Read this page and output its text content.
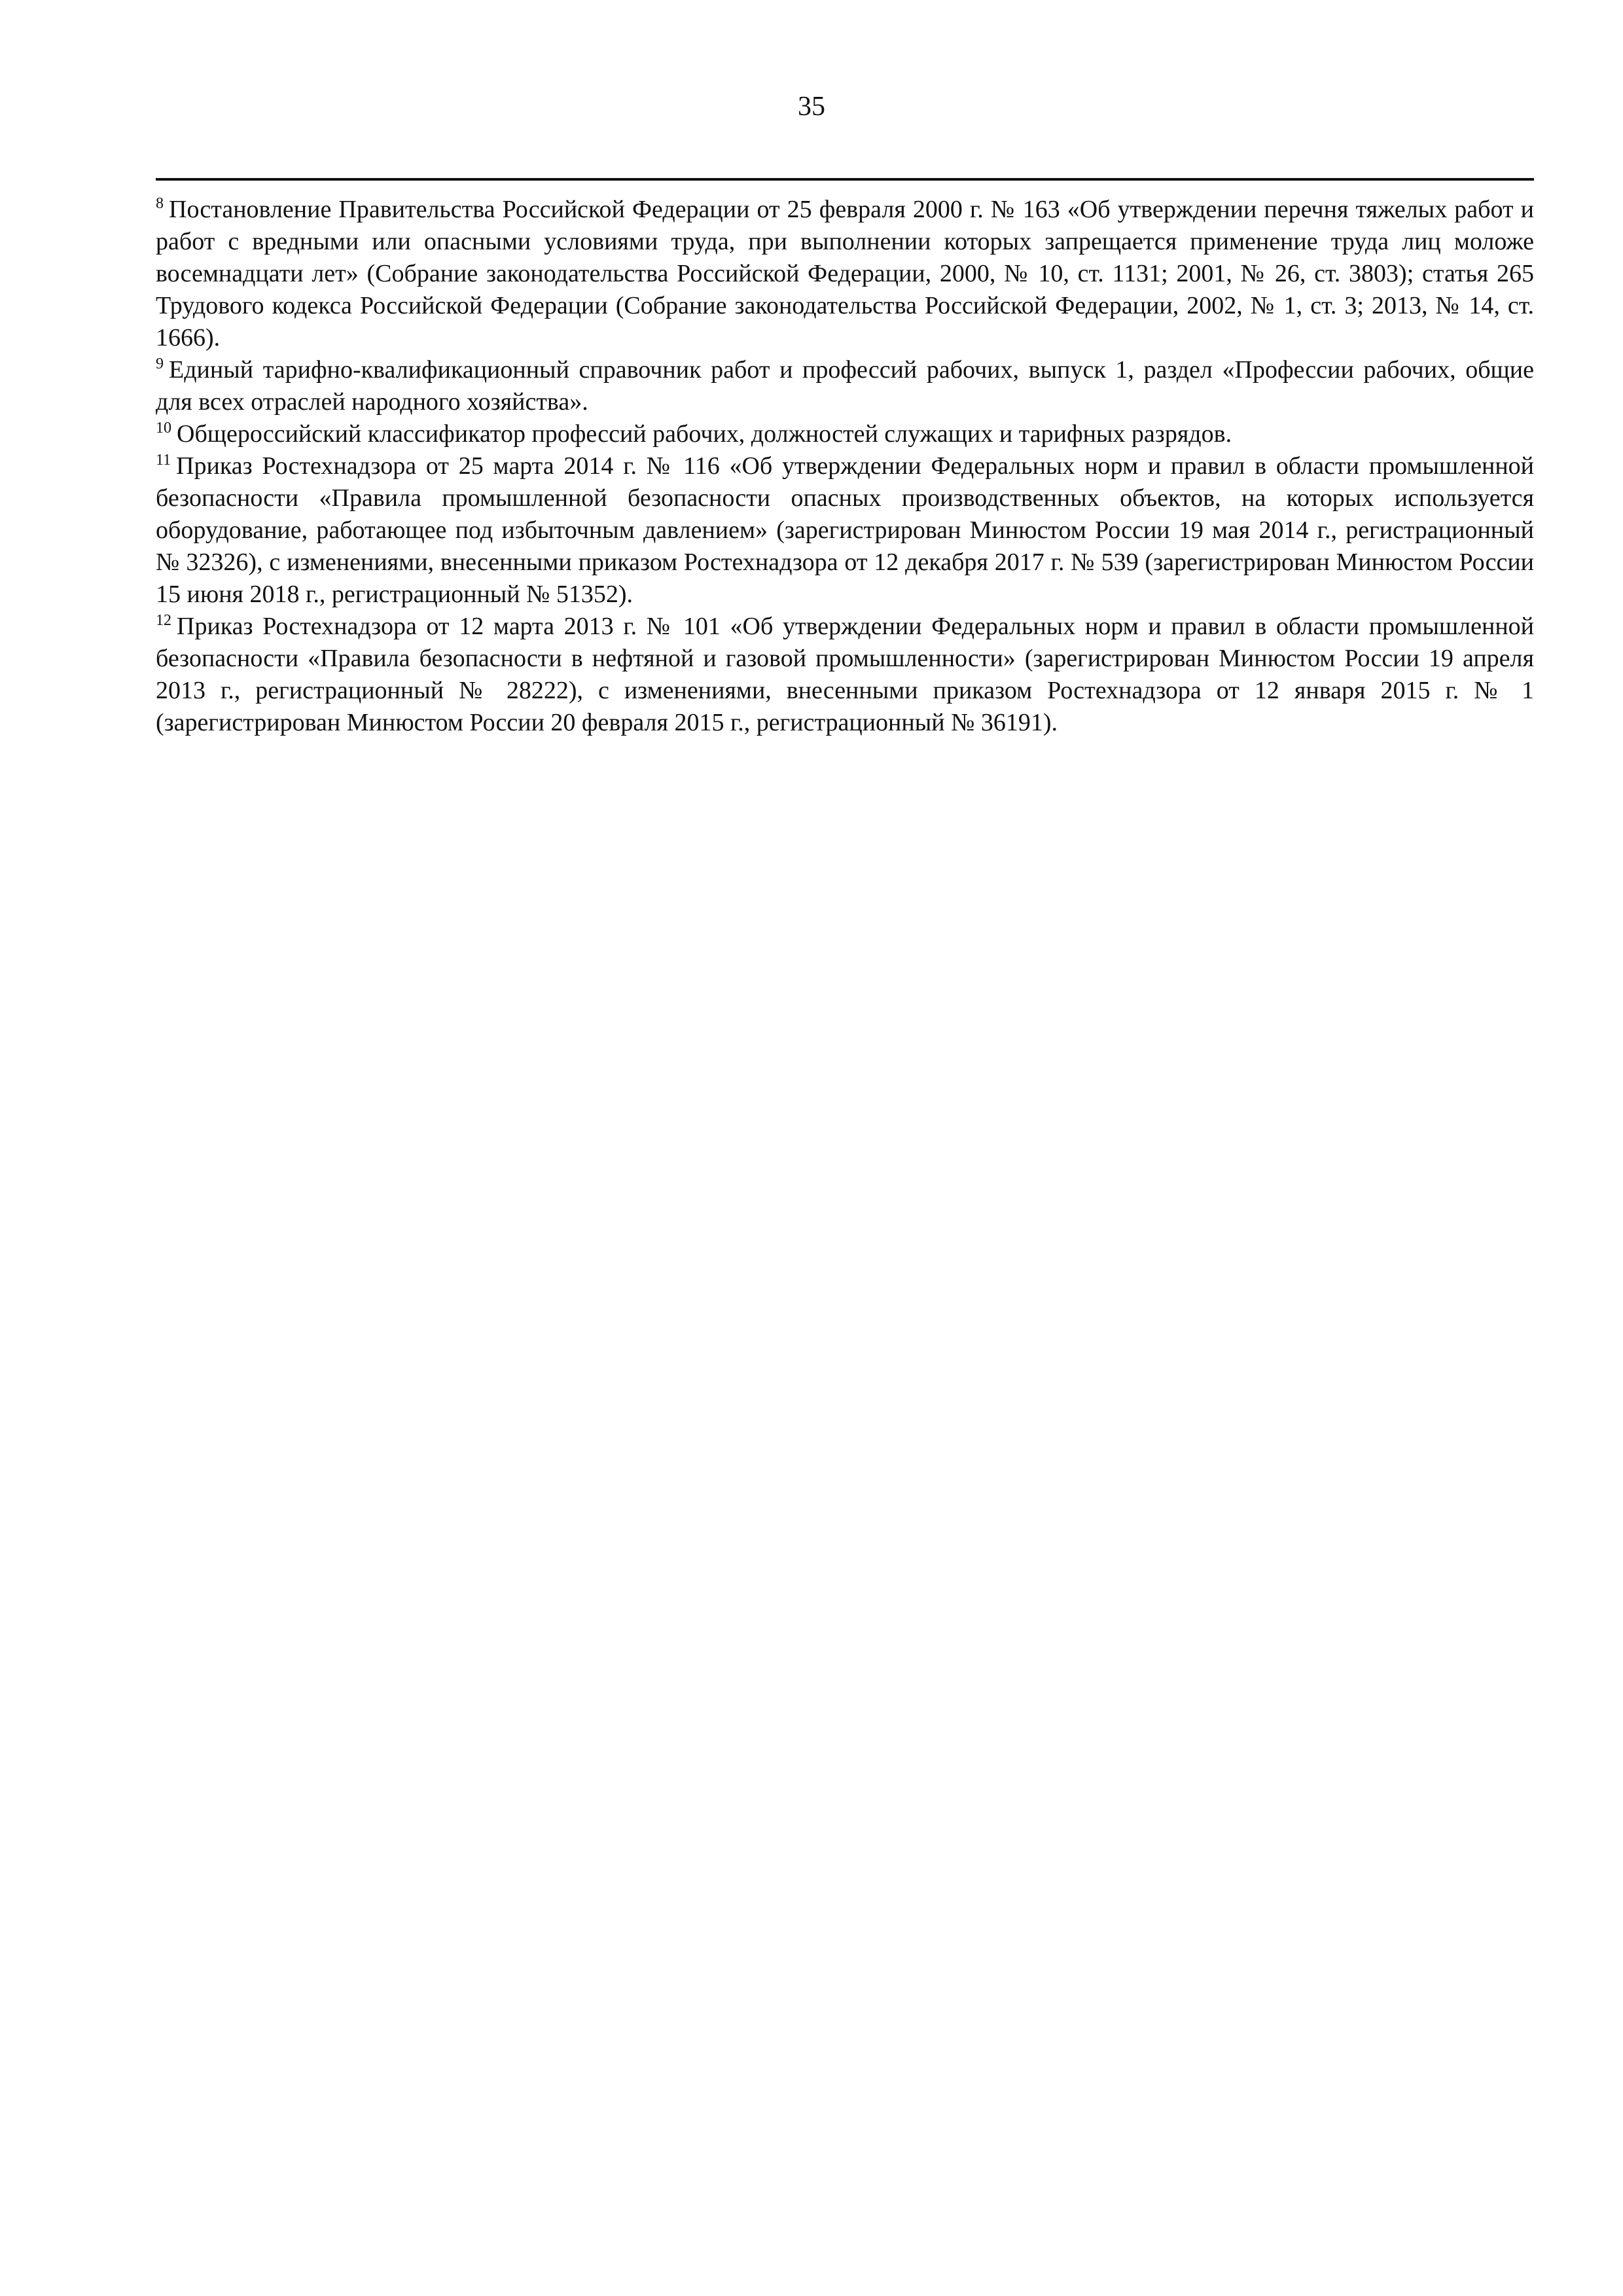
35

$^8$ Постановление Правительства Российской Федерации от 25 февраля 2000 г. № 163 «Об утверждении перечня тяжелых работ и работ с вредными или опасными условиями труда, при выполнении которых запрещается применение труда лиц моложе восемнадцати лет» (Собрание законодательства Российской Федерации, 2000, № 10, ст. 1131; 2001, № 26, ст. 3803); статья 265 Трудового кодекса Российской Федерации (Собрание законодательства Российской Федерации, 2002, № 1, ст. 3; 2013, № 14, ст. 1666).

$^9$ Единый тарифно-квалификационный справочник работ и профессий рабочих, выпуск 1, раздел «Профессии рабочих, общие для всех отраслей народного хозяйства».

$^{10}$ Общероссийский классификатор профессий рабочих, должностей служащих и тарифных разрядов.

$^{11}$ Приказ Ростехнадзора от 25 марта 2014 г. № 116 «Об утверждении Федеральных норм и правил в области промышленной безопасности «Правила промышленной безопасности опасных производственных объектов, на которых используется оборудование, работающее под избыточным давлением» (зарегистрирован Минюстом России 19 мая 2014 г., регистрационный № 32326), с изменениями, внесенными приказом Ростехнадзора от 12 декабря 2017 г. № 539 (зарегистрирован Минюстом России 15 июня 2018 г., регистрационный № 51352).

$^{12}$ Приказ Ростехнадзора от 12 марта 2013 г. № 101 «Об утверждении Федеральных норм и правил в области промышленной безопасности «Правила безопасности в нефтяной и газовой промышленности» (зарегистрирован Минюстом России 19 апреля 2013 г., регистрационный № 28222), с изменениями, внесенными приказом Ростехнадзора от 12 января 2015 г. № 1 (зарегистрирован Минюстом России 20 февраля 2015 г., регистрационный № 36191).
